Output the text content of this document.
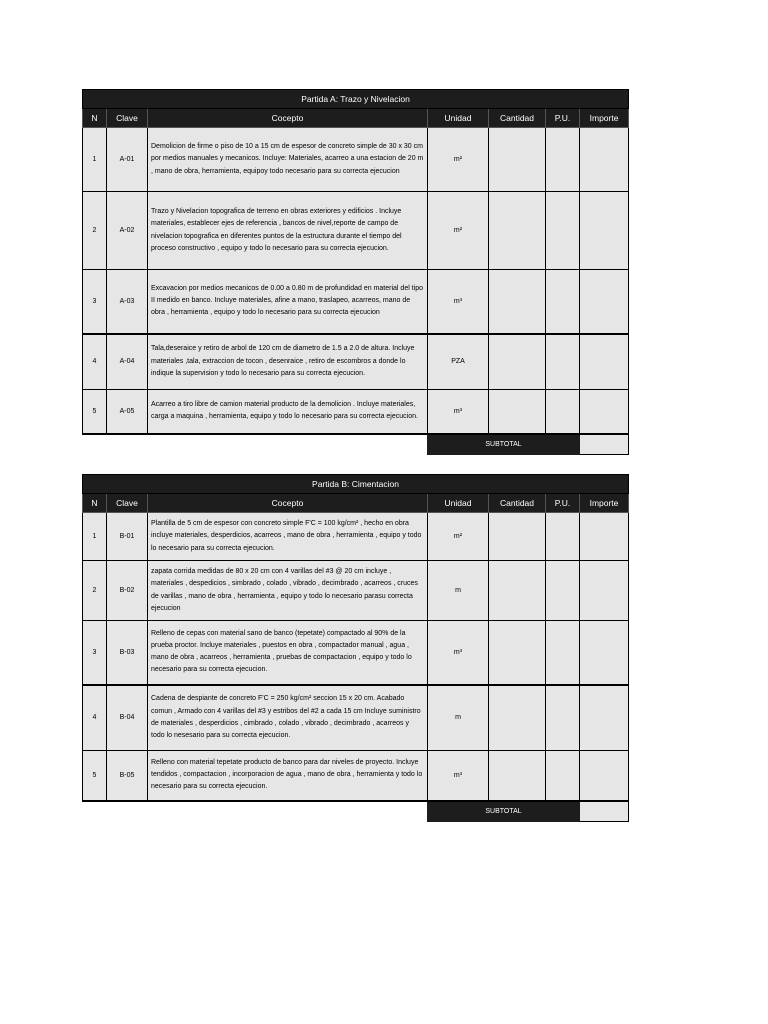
Partida A: Trazo y Nivelacion						
N	Clave	Cocepto	Unidad	Cantidad	P.U.	Importe
1	A-01	Demolicion de firme o piso de 10 a 15 cm de espesor de concreto simple de 30 x 30 cm por medios manuales y mecanicos. Incluye: Materiales, acarreo a una estacion de 20 m , mano de obra, herramienta, equipoy todo necesario para su correcta ejecucion	m²			
2	A-02	Trazo y Nivelacion topografica de terreno en obras exteriores y edificios . Incluye materiales, establecer ejes de referencia , bancos de nivel,reporte de campo de nivelacion topografica en diferentes puntos de la estructura durante el tiempo del proceso constructivo , equipo y todo lo necesario para su correcta ejecucion.	m²			
3	A-03	Excavacion por medios mecanicos de 0.00 a 0.80 m de profundidad en material del tipo II medido en banco. Incluye materiales, afine a mano, traslapeo, acarreos, mano de obra , herramienta , equipo y todo lo necesario para su correcta ejecucion	m³			
4	A-04	Tala,deseraice y retiro de arbol de 120 cm de diametro de 1.5 a 2.0 de altura. Incluye materiales ,tala, extraccion de tocon , desenraice , retiro de escombros a donde lo indique la supervision y todo lo necesario para su correcta ejecucion.	PZA			
5	A-05	Acarreo a tiro libre de camion material producto de la demolicion . Incluye materiales, carga a maquina , herramienta, equipo y todo lo necesario para su correcta ejecucion.	m³			
			SUBTOTAL			
Partida B: Cimentacion						
N	Clave	Cocepto	Unidad	Cantidad	P.U.	Importe
1	B-01	Plantilla de 5 cm de espesor con concreto simple F'C = 100 kg/cm² , hecho en obra incluye materiales, desperdicios, acarreos , mano de obra , herramienta , equipo y todo lo necesario para su correcta ejecucion.	m²			
2	B-02	zapata corrida medidas de 80 x 20 cm con 4 varillas del #3 @ 20 cm incluye , materiales , despedicios , simbrado , colado , vibrado , decimbrado , acarreos , cruces de varillas , mano de obra , herramienta , equipo y todo lo necesario parasu correcta ejecucion	m			
3	B-03	Relleno de cepas con material sano de banco (tepetate) compactado al 90% de la prueba proctor. Incluye materiales , puestos en obra , compactador manual , agua , mano de obra , acarreos , herramienta , pruebas de compactacion , equipo y todo lo necesario para su correcta ejecucion.	m³			
4	B-04	Cadena de despiante de concreto F'C = 250 kg/cm² seccion 15 x 20 cm. Acabado comun , Armado con 4 varillas del #3 y estribos del #2 a cada 15 cm Incluye suministro de materiales , desperdicios , cimbrado , colado , vibrado , decimbrado , acarreos y todo lo nesesario para su correcta ejecucion.	m			
5	B-05	Relleno con material tepetate producto de banco para dar niveles de proyecto. Incluye tendidos , compactacion , incorporacion de agua , mano de obra , herramienta y todo lo necesario para su correcta ejecucion.	m³			
			SUBTOTAL			
